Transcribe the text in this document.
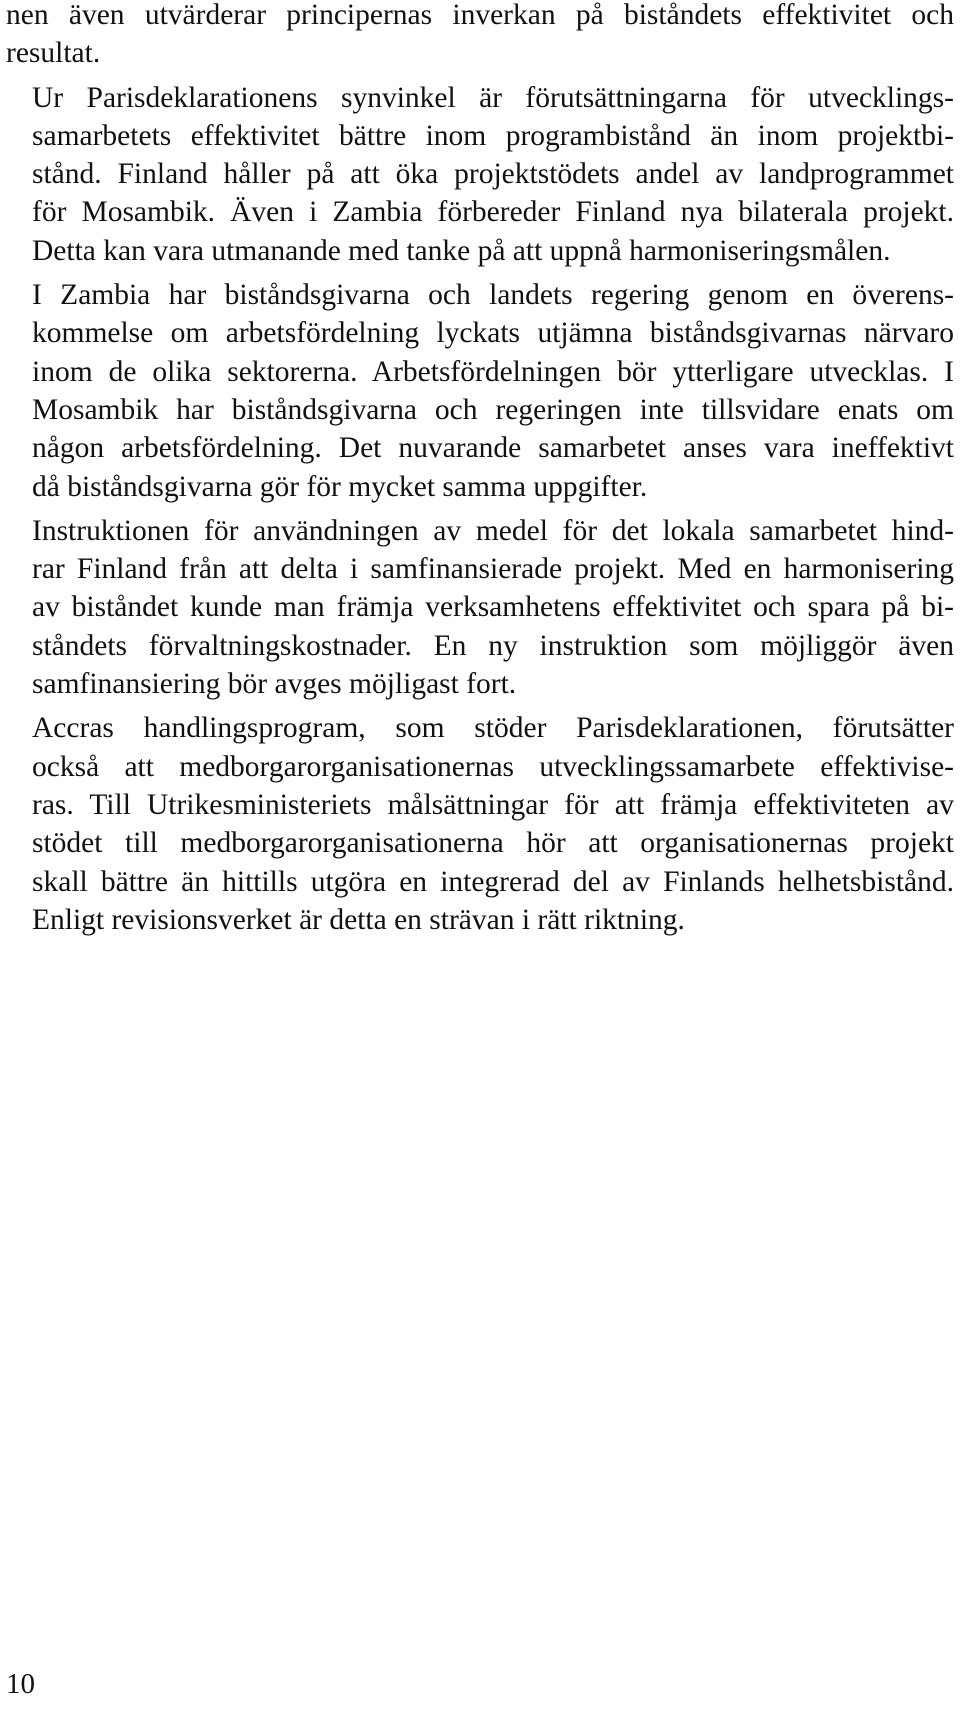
nen även utvärderar principernas inverkan på biståndets effektivitet och
resultat.

Ur Parisdeklarationens synvinkel är förutsättningarna för utvecklings-
samarbetets effektivitet bättre inom programbistånd än inom projektbi-
stånd. Finland håller på att öka projektstödets andel av landprogrammet
för Mosambik. Även i Zambia förbereder Finland nya bilaterala projekt.
Detta kan vara utmanande med tanke på att uppnå harmoniseringsmålen.

I Zambia har biståndsgivarna och landets regering genom en överens-
kommelse om arbetsfördelning lyckats utjämna biståndsgivarnas närvaro
inom de olika sektorerna. Arbetsfördelningen bör ytterligare utvecklas. I
Mosambik har biståndsgivarna och regeringen inte tillsvidare enats om
någon arbetsfördelning. Det nuvarande samarbetet anses vara ineffektivt
då biståndsgivarna gör för mycket samma uppgifter.

Instruktionen för användningen av medel för det lokala samarbetet hind-
rar Finland från att delta i samfinansierade projekt. Med en harmonisering
av biståndet kunde man främja verksamhetens effektivitet och spara på bi-
ståndets förvaltningskostnader. En ny instruktion som möjliggör även
samfinansiering bör avges möjligast fort.

Accras handlingsprogram, som stöder Parisdeklarationen, förutsätter
också att medborgarorganisationernas utvecklingssamarbete effektivise-
ras. Till Utrikesministeriets målsättningar för att främja effektiviteten av
stödet till medborgarorganisationerna hör att organisationernas projekt
skall bättre än hittills utgöra en integrerad del av Finlands helhetsbistånd.
Enligt revisionsverket är detta en strävan i rätt riktning.

10
